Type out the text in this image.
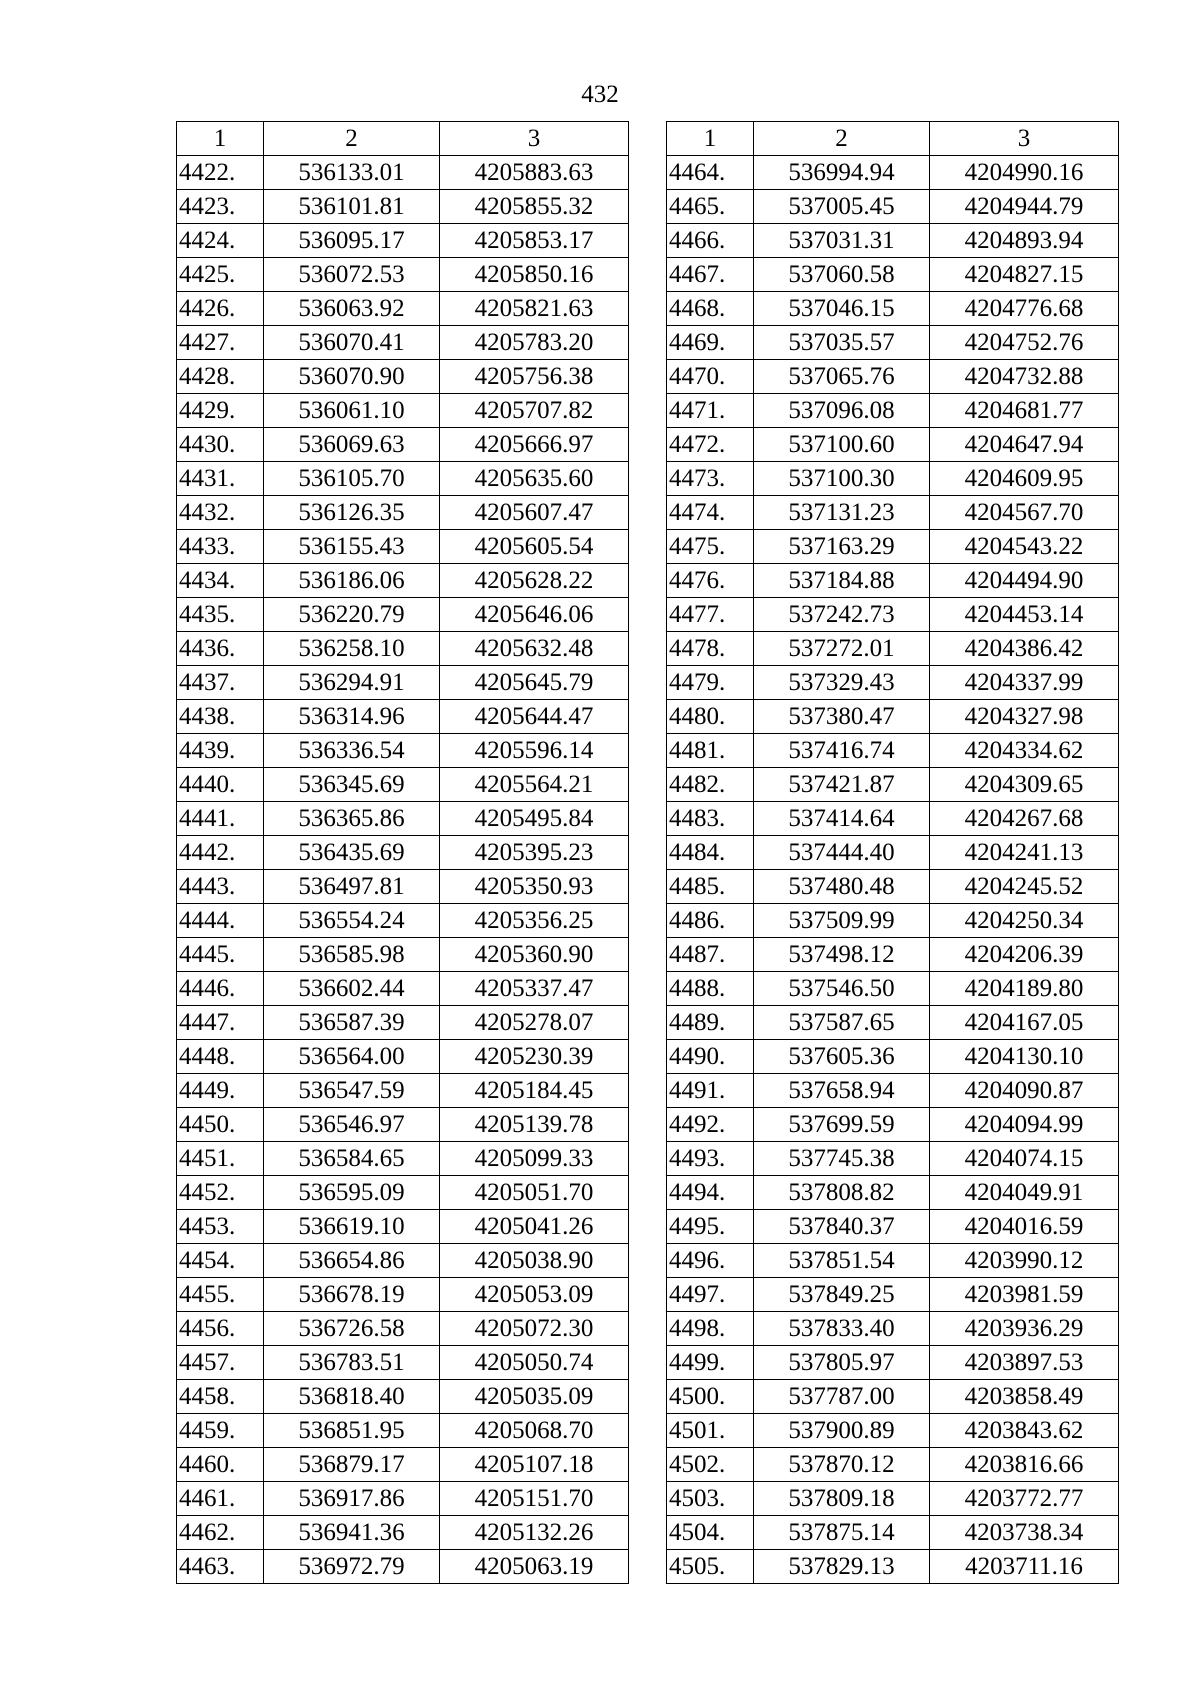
432
1	2	3
4422.	536133.01	4205883.63
4423.	536101.81	4205855.32
4424.	536095.17	4205853.17
4425.	536072.53	4205850.16
4426.	536063.92	4205821.63
4427.	536070.41	4205783.20
4428.	536070.90	4205756.38
4429.	536061.10	4205707.82
4430.	536069.63	4205666.97
4431.	536105.70	4205635.60
4432.	536126.35	4205607.47
4433.	536155.43	4205605.54
4434.	536186.06	4205628.22
4435.	536220.79	4205646.06
4436.	536258.10	4205632.48
4437.	536294.91	4205645.79
4438.	536314.96	4205644.47
4439.	536336.54	4205596.14
4440.	536345.69	4205564.21
4441.	536365.86	4205495.84
4442.	536435.69	4205395.23
4443.	536497.81	4205350.93
4444.	536554.24	4205356.25
4445.	536585.98	4205360.90
4446.	536602.44	4205337.47
4447.	536587.39	4205278.07
4448.	536564.00	4205230.39
4449.	536547.59	4205184.45
4450.	536546.97	4205139.78
4451.	536584.65	4205099.33
4452.	536595.09	4205051.70
4453.	536619.10	4205041.26
4454.	536654.86	4205038.90
4455.	536678.19	4205053.09
4456.	536726.58	4205072.30
4457.	536783.51	4205050.74
4458.	536818.40	4205035.09
4459.	536851.95	4205068.70
4460.	536879.17	4205107.18
4461.	536917.86	4205151.70
4462.	536941.36	4205132.26
4463.	536972.79	4205063.19
1	2	3
4464.	536994.94	4204990.16
4465.	537005.45	4204944.79
4466.	537031.31	4204893.94
4467.	537060.58	4204827.15
4468.	537046.15	4204776.68
4469.	537035.57	4204752.76
4470.	537065.76	4204732.88
4471.	537096.08	4204681.77
4472.	537100.60	4204647.94
4473.	537100.30	4204609.95
4474.	537131.23	4204567.70
4475.	537163.29	4204543.22
4476.	537184.88	4204494.90
4477.	537242.73	4204453.14
4478.	537272.01	4204386.42
4479.	537329.43	4204337.99
4480.	537380.47	4204327.98
4481.	537416.74	4204334.62
4482.	537421.87	4204309.65
4483.	537414.64	4204267.68
4484.	537444.40	4204241.13
4485.	537480.48	4204245.52
4486.	537509.99	4204250.34
4487.	537498.12	4204206.39
4488.	537546.50	4204189.80
4489.	537587.65	4204167.05
4490.	537605.36	4204130.10
4491.	537658.94	4204090.87
4492.	537699.59	4204094.99
4493.	537745.38	4204074.15
4494.	537808.82	4204049.91
4495.	537840.37	4204016.59
4496.	537851.54	4203990.12
4497.	537849.25	4203981.59
4498.	537833.40	4203936.29
4499.	537805.97	4203897.53
4500.	537787.00	4203858.49
4501.	537900.89	4203843.62
4502.	537870.12	4203816.66
4503.	537809.18	4203772.77
4504.	537875.14	4203738.34
4505.	537829.13	4203711.16
